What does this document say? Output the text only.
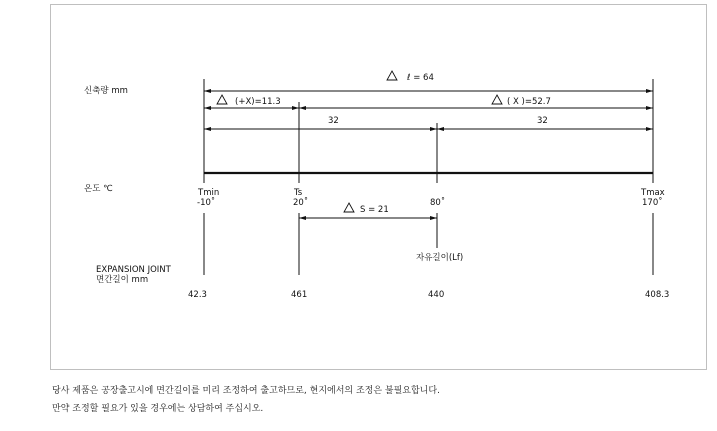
신축량 mm
온도 ℃
EXPANSION JOINT
면간길이 mm
ℓ = 64
(+X)=11.3	( X )=52.7
32	32
Tmin
-10˚
Ts
20˚	80˚
Tmax
170˚
S = 21
자유길이(Lf)
42.3	461	440	408.3
당사 제품은 공장출고시에 면간길이를 미리 조정하여 출고하므로, 현지에서의 조정은 불필요합니다.
만약 조정할 필요가 있을 경우에는 상담하여 주십시오.
